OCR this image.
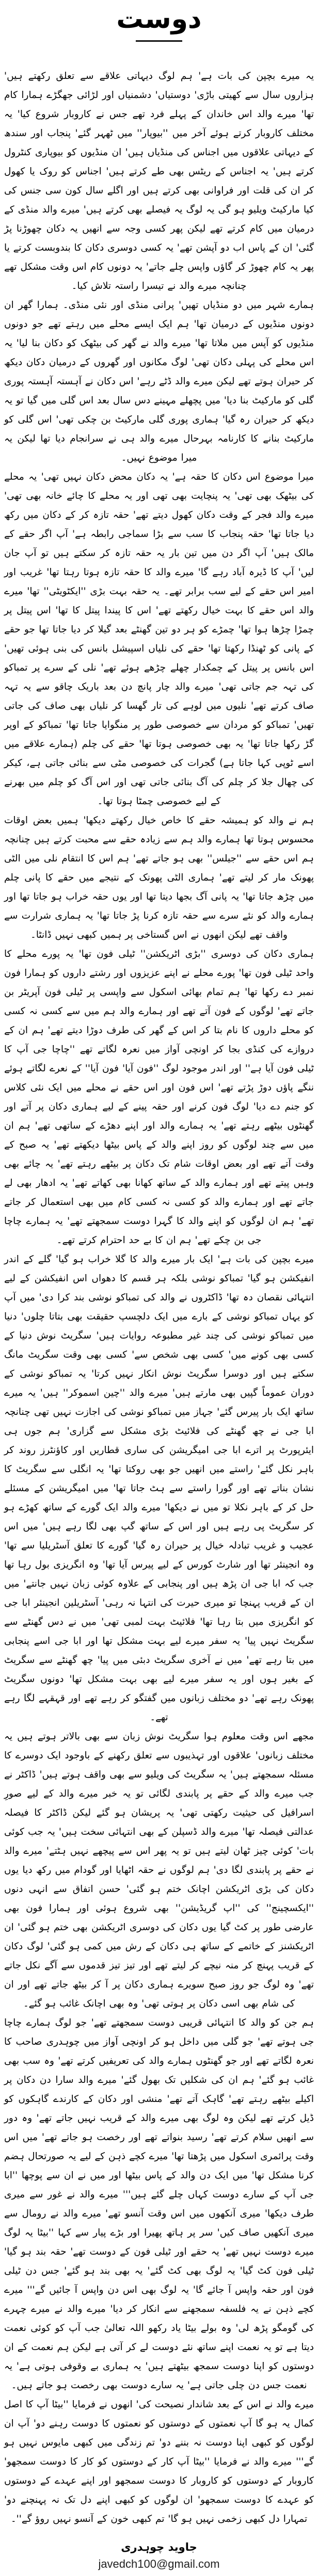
دوست

یہ میرے بچپن کی بات ہے' ہم لوگ دیہاتی علاقے سے تعلق رکھتے ہیں' ہزاروں سال سے کھیتی باڑی' دوستیاں' دشمنیاں اور لڑائی جھگڑے ہمارا کام تھا' میرے والد اس خاندان کے پہلے فرد تھے جس نے کاروبار شروع کیا' یہ مختلف کاروبار کرتے ہوئے آخر میں ''بیوپار'' میں ٹھہر گئے' پنجاب اور سندھ کے دیہاتی علاقوں میں اجناس کی منڈیاں ہیں' ان منڈیوں کو بیوپاری کنٹرول کرتے ہیں' یہ اجناس کے ریٹس بھی طے کرتے ہیں' اجناس کو روک یا کھول کر ان کی قلت اور فراوانی بھی کرتے ہیں اور اگلے سال کون سی جنس کی کیا مارکیٹ ویلیو ہو گی یہ لوگ یہ فیصلے بھی کرتے ہیں' میرے والد منڈی کے درمیان میں کام کرتے تھے لیکن پھر کسی وجہ سے انھیں یہ دکان چھوڑنا پڑ گئی' ان کے پاس اب دو آپشن تھے' یہ کسی دوسری دکان کا بندوبست کرتے یا پھر یہ کام چھوڑ کر گاؤں واپس چلے جاتے' یہ دونوں کام اس وقت مشکل تھے چنانچہ میرے والد نے تیسرا راستہ تلاش کیا۔

ہمارے شہر میں دو منڈیاں تھیں' پرانی منڈی اور نئی منڈی۔ ہمارا گھر ان دونوں منڈیوں کے درمیان تھا' ہم ایک ایسے محلے میں رہتے تھے جو دونوں منڈیوں کو آپس میں ملاتا تھا' میرے والد نے گھر کی بیٹھک کو دکان بنا لیا' یہ اس محلے کی پہلی دکان تھی' لوگ مکانوں اور گھروں کے درمیان دکان دیکھ کر حیران ہوتے تھے لیکن میرے والد ڈٹے رہے' اس دکان نے آہستہ آہستہ پوری گلی کو مارکیٹ بنا دیا' میں پچھلے مہینے دس سال بعد اس گلی میں گیا تو یہ دیکھ کر حیران رہ گیا' ہماری پوری گلی مارکیٹ بن چکی تھی' اس گلی کو مارکیٹ بنانے کا کارنامہ بہرحال میرے والد ہی نے سرانجام دیا تھا لیکن یہ میرا موضوع نہیں۔

میرا موضوع اس دکان کا حقہ ہے' یہ دکان محض دکان نہیں تھی' یہ محلے کی بیٹھک بھی تھی' یہ پنچایت بھی تھی اور یہ محلے کا چائے خانہ بھی تھی' میرے والد فجر کے وقت دکان کھول دیتے تھے' حقہ تازہ کر کے دکان میں رکھ دیا جاتا تھا' حقہ پنجاب کا سب سے بڑا سماجی رابطہ ہے' آپ اگر حقے کے مالک ہیں' آپ اگر دن میں تین بار یہ حقہ تازہ کر سکتے ہیں تو آپ جان لیں' آپ کا ڈیرہ آباد رہے گا' میرے والد کا حقہ تازہ ہوتا رہتا تھا' غریب اور امیر اس حقے کے لیے سب برابر تھے۔ یہ حقہ بہت بڑی ''ایکٹویٹی'' تھا' میرے والد اس حقے کا بہت خیال رکھتے تھے' اس کا پیندا پیتل کا تھا' اس پیتل پر چمڑا چڑھا ہوا تھا' چمڑے کو ہر دو تین گھنٹے بعد گیلا کر دیا جاتا تھا جو حقے کے پانی کو ٹھنڈا رکھتا تھا' حقے کی نلیاں اسپیشل بانس کی بنی ہوئی تھیں' اس بانس پر پیتل کے چمکدار چھلے چڑھے ہوئے تھے' نلی کے سرے پر تمباکو کی تہہ جم جاتی تھی' میرے والد چار پانچ دن بعد باریک چاقو سے یہ تہہ صاف کرتے تھے' نلیوں میں لوہے کی تار گھسا کر نلیاں بھی صاف کی جاتی تھیں' تمباکو کو مردان سے خصوصی طور پر منگوایا جاتا تھا' تمباکو کے اوپر گڑ رکھا جاتا تھا' یہ بھی خصوصی ہوتا تھا' حقے کی چلم (ہمارے علاقے میں اسے ٹوپی کہا جاتا ہے) گجرات کی خصوصی مٹی سے بنائی جاتی ہے، کیکر کی چھال جلا کر چلم کی آگ بنائی جاتی تھی اور اس آگ کو چلم میں بھرنے کے لیے خصوصی چمٹا ہوتا تھا۔

ہم نے والد کو ہمیشہ حقے کا خاص خیال رکھتے دیکھا' ہمیں بعض اوقات محسوس ہوتا تھا ہمارے والد ہم سے زیادہ حقے سے محبت کرتے ہیں چنانچہ ہم اس حقے سے ''جیلس'' بھی ہو جاتے تھے' ہم اس کا انتقام نلی میں الٹی پھونک مار کر لیتے تھے' ہماری الٹی پھونک کے نتیجے میں حقے کا پانی چلم میں چڑھ جاتا تھا' یہ پانی آگ بجھا دیتا تھا اور یوں حقہ خراب ہو جاتا تھا اور ہمارے والد کو نئے سرے سے حقہ تازہ کرنا پڑ جاتا تھا' یہ ہماری شرارت سے واقف تھے لیکن انھوں نے اس گستاخی پر ہمیں کبھی نہیں ڈانٹا۔

ہماری دکان کی دوسری ''بڑی اٹریکشن'' ٹیلی فون تھا' یہ پورے محلے کا واحد ٹیلی فون تھا' پورے محلے نے اپنے عزیزوں اور رشتے داروں کو ہمارا فون نمبر دے رکھا تھا' ہم تمام بھائی اسکول سے واپسی پر ٹیلی فون آپریٹر بن جاتے تھے' لوگوں کے فون آتے تھے اور ہمارے والد ہم میں سے کسی نہ کسی کو محلے داروں کا نام بتا کر اس کے گھر کی طرف دوڑا دیتے تھے' ہم ان کے دروازے کی کنڈی بجا کر اونچی آواز میں نعرہ لگاتے تھے ''چاچا جی آپ کا ٹیلی فون آیا ہے'' اور اندر موجود لوگ ''فون آیا' فون آیا'' کے نعرے لگاتے ہوئے ننگے پاؤں دوڑ پڑتے تھے' اس فون اور اس حقے نے محلے میں ایک نئی کلاس کو جنم دے دیا' لوگ فون کرنے اور حقہ پینے کے لیے ہماری دکان پر آتے اور گھنٹوں بیٹھے رہتے تھے' یہ ہمارے والد اور اپنے دھڑے کے ساتھی تھے' ہم ان میں سے چند لوگوں کو روز اپنے والد کے پاس بیٹھا دیکھتے تھے' یہ صبح کے وقت آتے تھے اور بعض اوقات شام تک دکان پر بیٹھے رہتے تھے' یہ چائے بھی وہیں پیتے تھے اور ہمارے والد کے ساتھ کھانا بھی کھاتے تھے' یہ ادھار بھی لے جاتے تھے اور ہمارے والد کو کسی نہ کسی کام میں بھی استعمال کر جاتے تھے' ہم ان لوگوں کو اپنے والد کا گہرا دوست سمجھتے تھے' یہ ہمارے چاچا جی بن چکے تھے' ہم ان کا بے حد احترام کرتے تھے۔

میرے بچپن کی بات ہے' ایک بار میرے والد کا گلا خراب ہو گیا' گلے کے اندر انفیکشن ہو گیا' تمباکو نوشی بلکہ ہر قسم کا دھواں اس انفیکشن کے لیے انتہائی نقصان دہ تھا' ڈاکٹروں نے والد کی تمباکو نوشی بند کرا دی' میں آپ کو یہاں تمباکو نوشی کے بارے میں ایک دلچسپ حقیقت بھی بتاتا چلوں' دنیا میں تمباکو نوشی کی چند غیر مطبوعہ روایات ہیں' سگریٹ نوش دنیا کے کسی بھی کونے میں' کسی بھی شخص سے' کسی بھی وقت سگریٹ مانگ سکتے ہیں اور دوسرا سگریٹ نوش انکار نہیں کرتا' یہ تمباکو نوشی کے دوران عموماً گپیں بھی مارتے ہیں' میرے والد ''چین اسموکر'' ہیں' یہ میرے ساتھ ایک بار پیرس گئے' جہاز میں تمباکو نوشی کی اجازت نہیں تھی چنانچہ ابا جی نے چھ گھنٹے کی فلائیٹ بڑی مشکل سے گزاری' ہم جوں ہی ایئرپورٹ پر اترے ابا جی امیگریشن کی ساری قطاریں اور کاؤنٹرز روند کر باہر نکل گئے' راستے میں انھیں جو بھی روکتا تھا' یہ انگلی سے سگریٹ کا نشان بناتے تھے اور گورا راستے سے ہٹ جاتا تھا' میں امیگریشن کے مسئلے حل کر کے باہر نکلا تو میں نے دیکھا' میرے والد ایک گورے کے ساتھ کھڑے ہو کر سگریٹ پی رہے ہیں اور اس کے ساتھ گپ بھی لگا رہے ہیں' میں اس عجیب و غریب تبادلہ خیال پر حیران رہ گیا' گورے کا تعلق آسٹریلیا سے تھا' وہ انجینئر تھا اور شارٹ کورس کے لیے پیرس آیا تھا' وہ انگریزی بول رہا تھا جب کہ ابا جی ان پڑھ ہیں اور پنجابی کے علاوہ کوئی زبان نہیں جانتے' میں ان کے قریب پہنچا تو میری حیرت کی انتہا نہ رہی' آسٹریلین انجینئر ابا جی کو انگریزی میں بتا رہا تھا' فلائیٹ بہت لمبی تھی' میں نے دس گھنٹے سے سگریٹ نہیں پیا' یہ سفر میرے لیے بہت مشکل تھا اور ابا جی اسے پنجابی میں بتا رہے تھے' میں نے آخری سگریٹ دبئی میں پیا' چھ گھنٹے سے سگریٹ کے بغیر ہوں اور یہ سفر میرے لیے بھی بہت مشکل تھا' دونوں سگریٹ پھونک رہے تھے' دو مختلف زبانوں میں گفتگو کر رہے تھے اور قہقہے لگا رہے تھے۔

مجھے اس وقت معلوم ہوا سگریٹ نوش زبان سے بھی بالاتر ہوتے ہیں یہ مختلف زبانوں' علاقوں اور تہذیبوں سے تعلق رکھنے کے باوجود ایک دوسرے کا مسئلہ سمجھتے ہیں' یہ سگریٹ کی ویلیو سے بھی واقف ہوتے ہیں' ڈاکٹر نے جب میرے والد کے حقے پر پابندی لگائی تو یہ خبر میرے والد کے لیے صورِ اسرافیل کی حیثیت رکھتی تھی' یہ پریشان ہو گئے لیکن ڈاکٹر کا فیصلہ عدالتی فیصلہ تھا' میرے والد ڈسپلن کے بھی انتہائی سخت ہیں' یہ جب کوئی بات' کوئی چیز ٹھان لیتے ہیں تو یہ پھر اس سے پیچھے نہیں ہٹتے' میرے والد نے حقے پر پابندی لگا دی' ہم لوگوں نے حقہ اٹھایا اور گودام میں رکھ دیا یوں دکان کی بڑی اٹریکشن اچانک ختم ہو گئی' حسن اتفاق سے انہی دنوں ''ایکسچینج'' کی ''اپ گریڈیشن'' بھی شروع ہوئی اور ہمارا فون بھی عارضی طور پر کٹ گیا یوں دکان کی دوسری اٹریکشن بھی ختم ہو گئی' ان اٹریکشنز کے خاتمے کے ساتھ ہی دکان کے رش میں کمی ہو گئی' لوگ دکان کے قریب پہنچ کر منہ نیچے کر لیتے تھے اور تیز تیز قدموں سے آگے نکل جاتے تھے' وہ لوگ جو روز صبح سویرے ہماری دکان پر آ کر بیٹھ جاتے تھے اور ان کی شام بھی اسی دکان پر ہوتی تھی' وہ بھی اچانک غائب ہو گئے۔

ہم جن کو والد کا انتہائی قریبی دوست سمجھتے تھے' جو لوگ ہمارے چاچا جی ہوتے تھے' جو گلی میں داخل ہو کر اونچی آواز میں چوہدری صاحب کا نعرہ لگاتے تھے اور جو گھنٹوں ہمارے والد کی تعریفیں کرتے تھے' وہ سب بھی غائب ہو گئے' ہم ان کی شکلیں تک بھول گئے' میرے والد سارا دن دکان پر اکیلے بیٹھے رہتے تھے' گاہک آتے تھے' منشی اور دکان کے کارندے گاہکوں کو ڈیل کرتے تھے لیکن وہ لوگ بھی میرے والد کے قریب نہیں جاتے تھے' وہ دور سے انھیں سلام کرتے تھے' رسید بنواتے تھے اور رخصت ہو جاتے تھے' میں اس وقت پرائمری اسکول میں پڑھتا تھا' میرے کچے ذہن کے لیے یہ صورتحال ہضم کرنا مشکل تھا' میں ایک دن والد کے پاس بیٹھا اور میں نے ان سے پوچھا ''ابا جی آپ کے سارے دوست کہاں چلے گئے ہیں''' میرے والد نے غور سے میری طرف دیکھا' میری آنکھوں میں اس وقت آنسو تھے' میرے والد نے رومال سے میری آنکھیں صاف کیں' سر پر ہاتھ پھیرا اور بڑے پیار سے کہا ''بیٹا یہ لوگ میرے دوست نہیں تھے' یہ حقے اور ٹیلی فون کے دوست تھے' حقہ بند ہو گیا' ٹیلی فون کٹ گیا' یہ لوگ بھی کٹ گئے' یہ بھی بند ہو گئے' جس دن ٹیلی فون اور حقہ واپس آ جائے گا' یہ لوگ بھی اس دن واپس آ جائیں گے''' میرے کچے ذہن نے یہ فلسفہ سمجھنے سے انکار کر دیا' میرے والد نے میرے چہرے کی گومگو پڑھ لی' وہ بولے بیٹا یاد رکھو اللہ تعالیٰ جب آپ کو کوئی نعمت دیتا ہے تو یہ نعمت اپنے ساتھ نئے دوست لے کر آتی ہے لیکن ہم نعمت کے ان دوستوں کو اپنا دوست سمجھ بیٹھتے ہیں' یہ ہماری بے وقوفی ہوتی ہے' یہ نعمت جس دن چلی جاتی ہے' یہ سارے دوست بھی رخصت ہو جاتے ہیں۔

میرے والد نے اس کے بعد شاندار نصیحت کی' انھوں نے فرمایا ''بیٹا آپ کا اصل کمال یہ ہو گا آپ نعمتوں کے دوستوں کو نعمتوں کا دوست رہنے دو' آپ ان لوگوں کو کبھی اپنا دوست نہ بننے دو' تم زندگی میں کبھی مایوس نہیں ہو گے''' میرے والد نے فرمایا ''بیٹا آپ کار کے دوستوں کو کار کا دوست سمجھو' کاروبار کے دوستوں کو کاروبار کا دوست سمجھو اور اپنے عہدے کے دوستوں کو عہدے کا دوست سمجھو' ان لوگوں کو کبھی اپنے دل تک نہ پہنچنے دو' تمہارا دل کبھی زخمی نہیں ہو گا' تم کبھی خون کے آنسو نہیں روؤ گے''۔

جاوید چوہدری
javedch100@gmail.com
